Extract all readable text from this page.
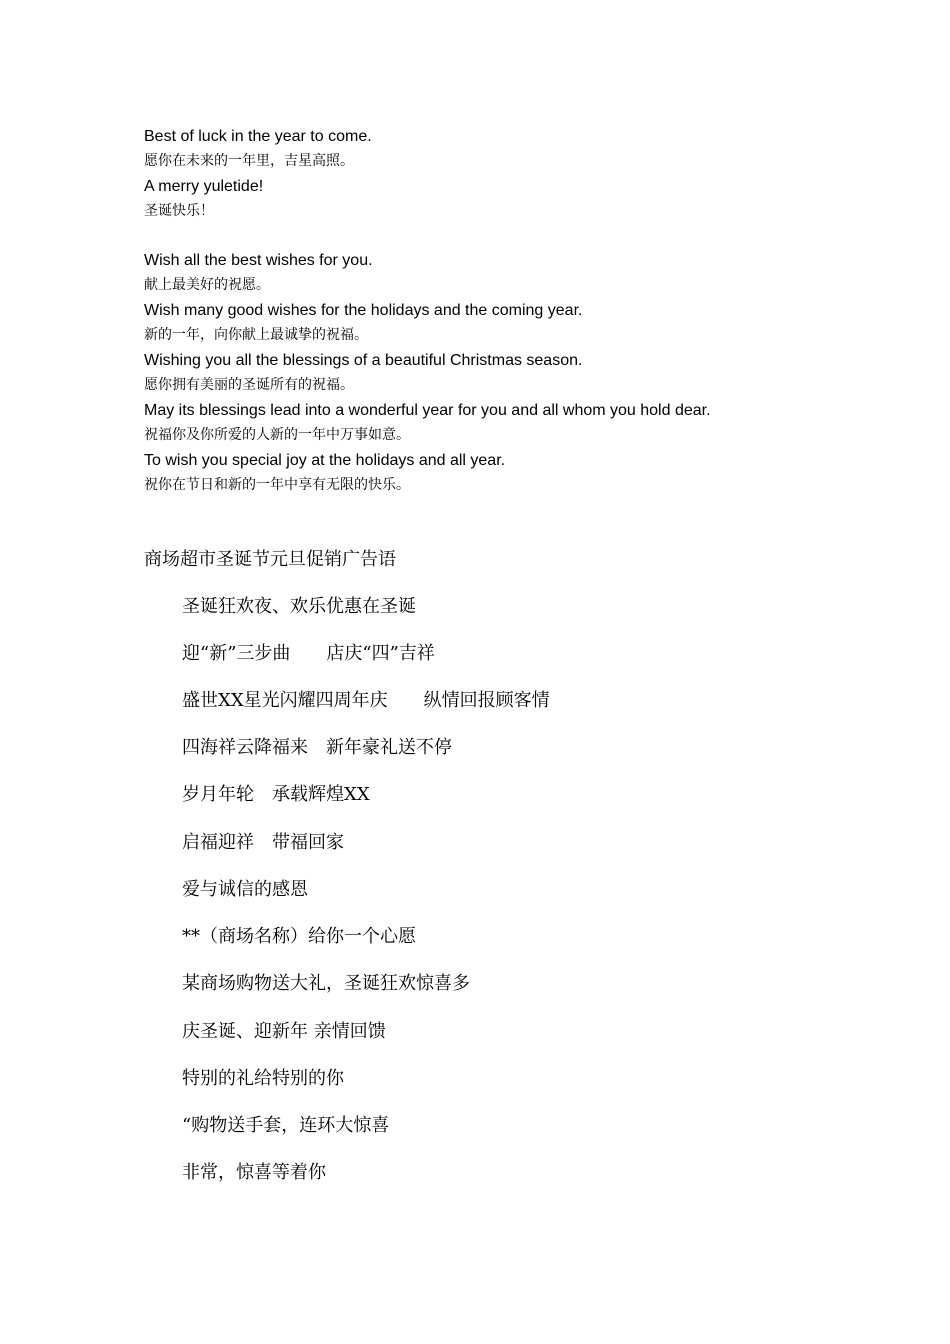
Best of luck in the year to come.
愿你在未来的一年里，吉星高照。
A merry yuletide!
圣诞快乐！
Wish all the best wishes for you.
献上最美好的祝愿。
Wish many good wishes for the holidays and the coming year.
新的一年，向你献上最诚挚的祝福。
Wishing you all the blessings of a beautiful Christmas season.
愿你拥有美丽的圣诞所有的祝福。
May its blessings lead into a wonderful year for you and all whom you hold dear.
祝福你及你所爱的人新的一年中万事如意。
To wish you special joy at the holidays and all year.
祝你在节日和新的一年中享有无限的快乐。
商场超市圣诞节元旦促销广告语
圣诞狂欢夜、欢乐优惠在圣诞
迎“新”三步曲　　店庆“四”吉祥
盛世XX星光闪耀四周年庆　　纵情回报顾客情
四海祥云降福来　新年豪礼送不停
岁月年轮　承载辉煌XX
启福迎祥　带福回家
爱与诚信的感恩
**（商场名称）给你一个心愿
某商场购物送大礼，圣诞狂欢惊喜多
庆圣诞、迎新年 亲情回馈
特别的礼给特别的你
“购物送手套，连环大惊喜
非常，惊喜等着你
